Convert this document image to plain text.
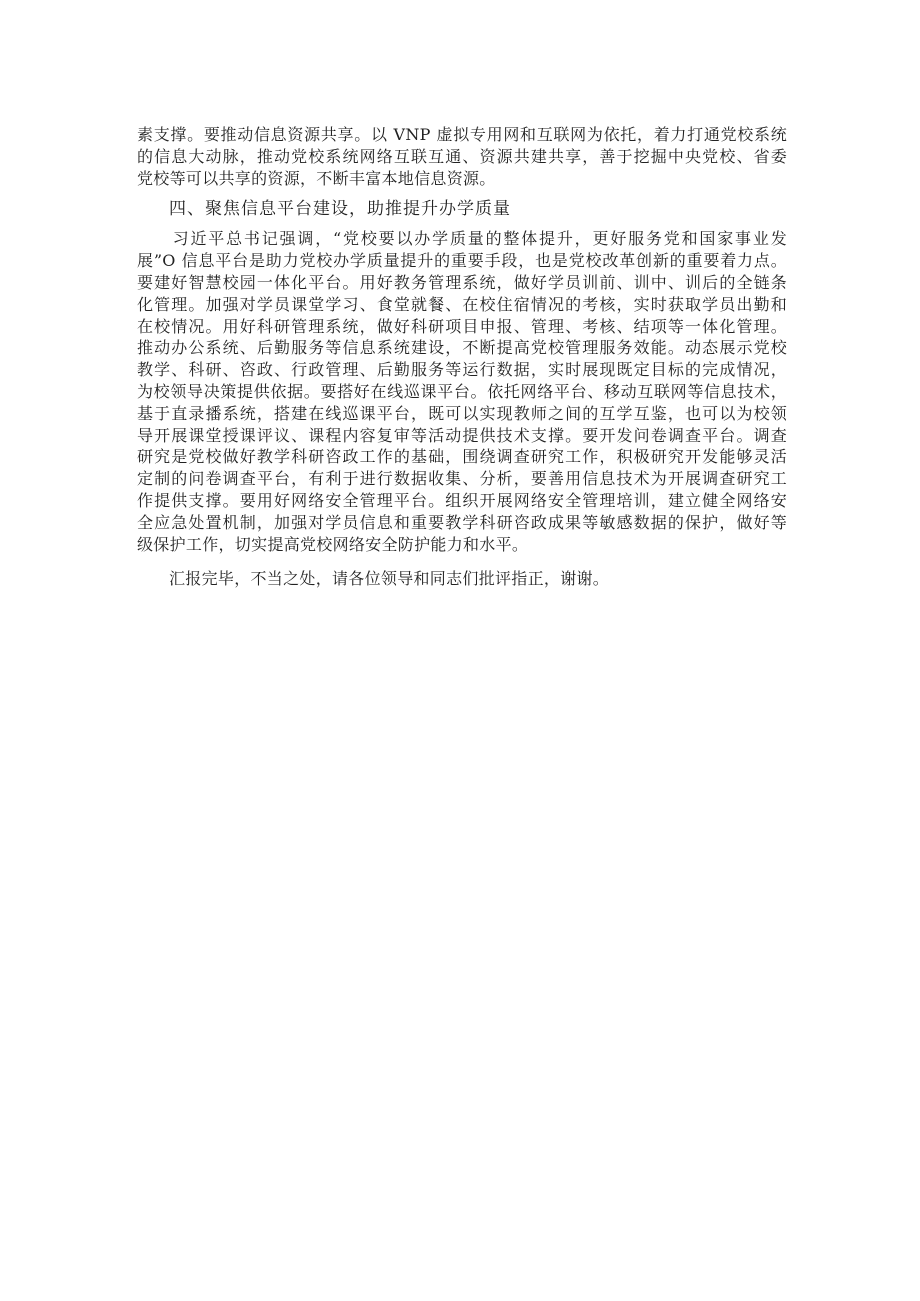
素支撑。要推动信息资源共享。以 VNP 虚拟专用网和互联网为依托，着力打通党校系统
的信息大动脉，推动党校系统网络互联互通、资源共建共享，善于挖掘中央党校、省委
党校等可以共享的资源，不断丰富本地信息资源。
四、聚焦信息平台建设，助推提升办学质量
　　习近平总书记强调，“党校要以办学质量的整体提升，更好服务党和国家事业发
展”O 信息平台是助力党校办学质量提升的重要手段，也是党校改革创新的重要着力点。
要建好智慧校园一体化平台。用好教务管理系统，做好学员训前、训中、训后的全链条
化管理。加强对学员课堂学习、食堂就餐、在校住宿情况的考核，实时获取学员出勤和
在校情况。用好科研管理系统，做好科研项目申报、管理、考核、结项等一体化管理。
推动办公系统、后勤服务等信息系统建设，不断提高党校管理服务效能。动态展示党校
教学、科研、咨政、行政管理、后勤服务等运行数据，实时展现既定目标的完成情况，
为校领导决策提供依据。要搭好在线巡课平台。依托网络平台、移动互联网等信息技术，
基于直录播系统，搭建在线巡课平台，既可以实现教师之间的互学互鉴，也可以为校领
导开展课堂授课评议、课程内容复审等活动提供技术支撑。要开发问卷调查平台。调查
研究是党校做好教学科研咨政工作的基础，围绕调查研究工作，积极研究开发能够灵活
定制的问卷调查平台，有利于进行数据收集、分析，要善用信息技术为开展调查研究工
作提供支撑。要用好网络安全管理平台。组织开展网络安全管理培训，建立健全网络安
全应急处置机制，加强对学员信息和重要教学科研咨政成果等敏感数据的保护，做好等
级保护工作，切实提高党校网络安全防护能力和水平。
汇报完毕，不当之处，请各位领导和同志们批评指正，谢谢。
